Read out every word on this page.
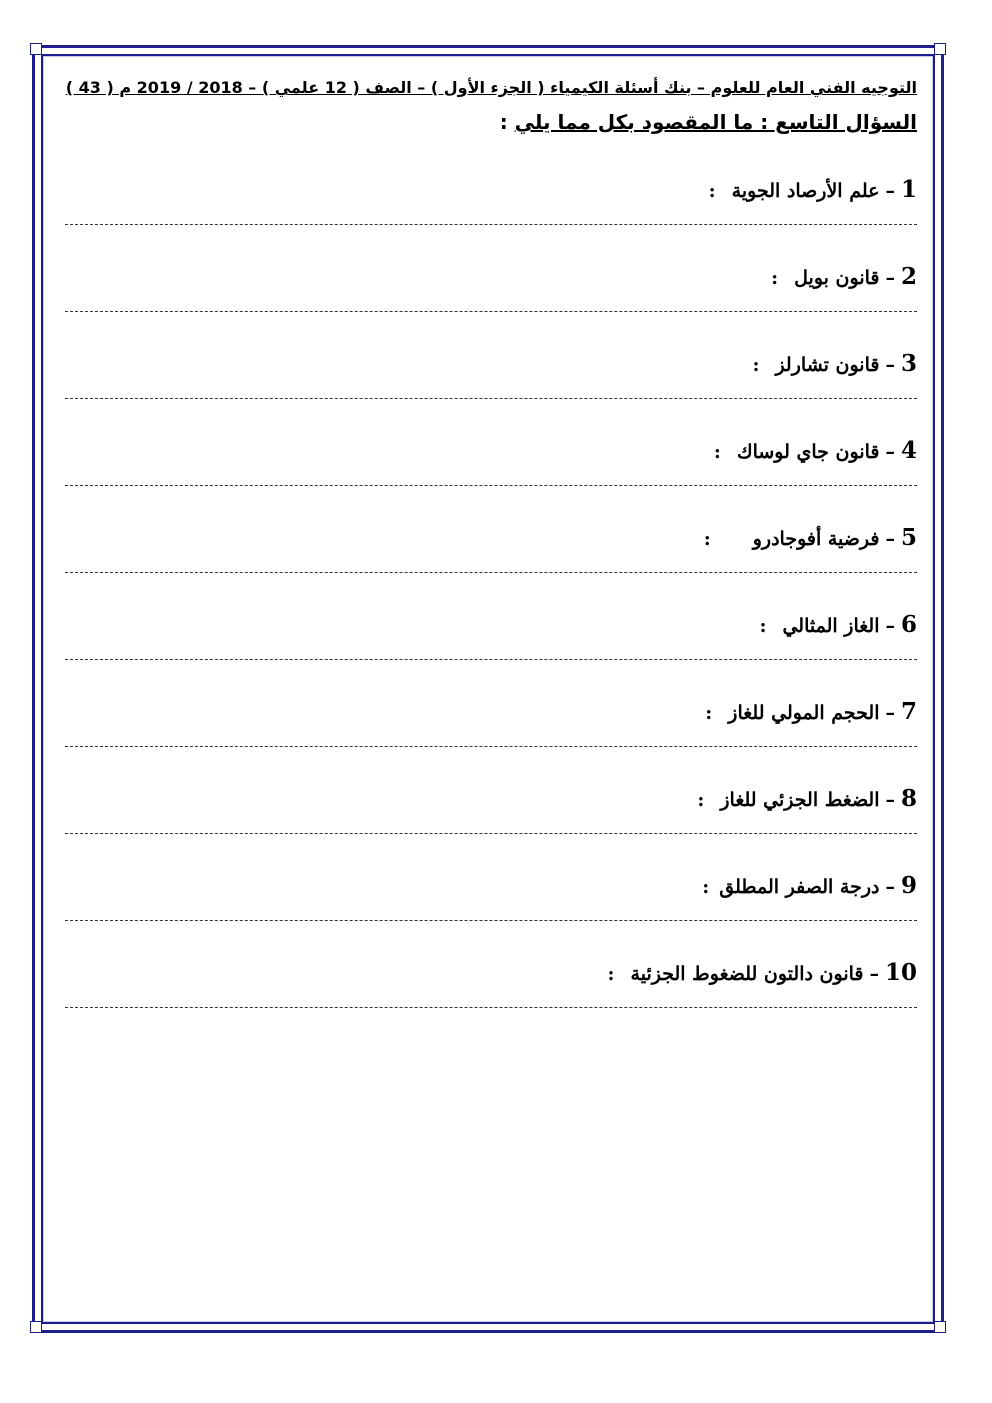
التوجيه الفني العام للعلوم – بنك أسئلة الكيمياء ( الجزء الأول ) – الصف ( 12 علمي ) – 2018 / 2019 م ( 43 )
السؤال التاسع : ما المقصود بكل مما يلي :
1
–
علم الأرصاد الجوية
:
2
–
قانون بويل
:
3
–
قانون تشارلز
:
4
–
قانون جاي لوساك
:
5
–
فرضية أفوجادرو
:
6
–
الغاز المثالي
:
7
–
الحجم المولي للغاز
:
8
–
الضغط الجزئي للغاز
:
9
–
درجة الصفر المطلق
:
10
–
قانون دالتون للضغوط الجزئية
:
